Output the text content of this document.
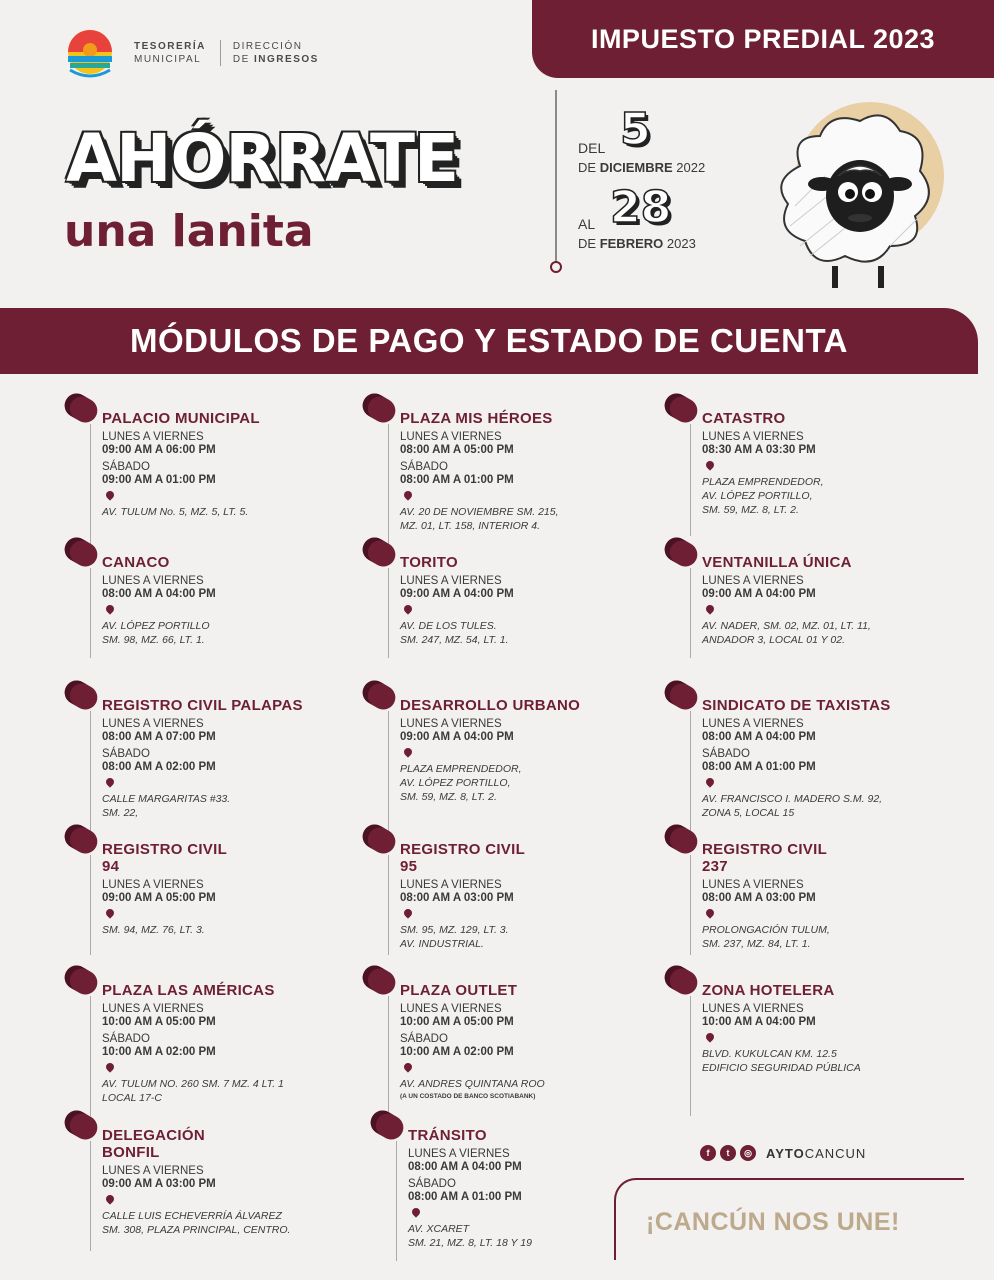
TESORERÍA
MUNICIPAL
DIRECCIÓN
DE INGRESOS
IMPUESTO PREDIAL 2023
AHÓRRATE
una lanita
DEL 5
DE DICIEMBRE 2022
AL 28
DE FEBRERO 2023
MÓDULOS DE PAGO Y ESTADO DE CUENTA
PALACIO MUNICIPAL
LUNES A VIERNES
09:00 AM A 06:00 PM
SÁBADO
09:00 AM A 01:00 PM
AV. TULUM No. 5, MZ. 5, LT. 5.
PLAZA MIS HÉROES
LUNES A VIERNES
08:00 AM A 05:00 PM
SÁBADO
08:00 AM A 01:00 PM
AV. 20 DE NOVIEMBRE SM. 215,
MZ. 01, LT. 158, INTERIOR 4.
CATASTRO
LUNES A VIERNES
08:30 AM A 03:30 PM
PLAZA EMPRENDEDOR,
AV. LÓPEZ PORTILLO,
SM. 59, MZ. 8, LT. 2.
CANACO
LUNES A VIERNES
08:00 AM A 04:00 PM
AV. LÓPEZ PORTILLO
SM. 98, MZ. 66, LT. 1.
TORITO
LUNES A VIERNES
09:00 AM A 04:00 PM
AV. DE LOS TULES.
SM. 247, MZ. 54, LT. 1.
VENTANILLA ÚNICA
LUNES A VIERNES
09:00 AM A 04:00 PM
AV. NADER, SM. 02, MZ. 01, LT. 11,
ANDADOR 3, LOCAL 01 Y 02.
REGISTRO CIVIL PALAPAS
LUNES A VIERNES
08:00 AM A 07:00 PM
SÁBADO
08:00 AM A 02:00 PM
CALLE MARGARITAS #33.
SM. 22,
DESARROLLO URBANO
LUNES A VIERNES
09:00 AM A 04:00 PM
PLAZA EMPRENDEDOR,
AV. LÓPEZ PORTILLO,
SM. 59, MZ. 8, LT. 2.
SINDICATO DE TAXISTAS
LUNES A VIERNES
08:00 AM A 04:00 PM
SÁBADO
08:00 AM A 01:00 PM
AV. FRANCISCO I. MADERO S.M. 92,
ZONA 5, LOCAL 15
REGISTRO CIVIL
94
LUNES A VIERNES
09:00 AM A 05:00 PM
SM. 94, MZ. 76, LT. 3.
REGISTRO CIVIL
95
LUNES A VIERNES
08:00 AM A 03:00 PM
SM. 95, MZ. 129, LT. 3.
AV. INDUSTRIAL.
REGISTRO CIVIL
237
LUNES A VIERNES
08:00 AM A 03:00 PM
PROLONGACIÓN TULUM,
SM. 237, MZ. 84, LT. 1.
PLAZA LAS AMÉRICAS
LUNES A VIERNES
10:00 AM A 05:00 PM
SÁBADO
10:00 AM A 02:00 PM
AV. TULUM NO. 260 SM. 7 MZ. 4 LT. 1
LOCAL 17-C
PLAZA OUTLET
LUNES A VIERNES
10:00 AM A 05:00 PM
SÁBADO
10:00 AM A 02:00 PM
AV. ANDRES QUINTANA ROO
(A UN COSTADO DE BANCO SCOTIABANK)
ZONA HOTELERA
LUNES A VIERNES
10:00 AM A 04:00 PM
BLVD. KUKULCAN KM. 12.5
EDIFICIO SEGURIDAD PÚBLICA
DELEGACIÓN
BONFIL
LUNES A VIERNES
09:00 AM A 03:00 PM
CALLE LUIS ECHEVERRÍA ÁLVAREZ
SM. 308, PLAZA PRINCIPAL, CENTRO.
TRÁNSITO
LUNES A VIERNES
08:00 AM A 04:00 PM
SÁBADO
08:00 AM A 01:00 PM
AV. XCARET
SM. 21, MZ. 8, LT. 18 Y 19
f	t	◎	AYTOCANCUN
¡CANCÚN NOS UNE!
